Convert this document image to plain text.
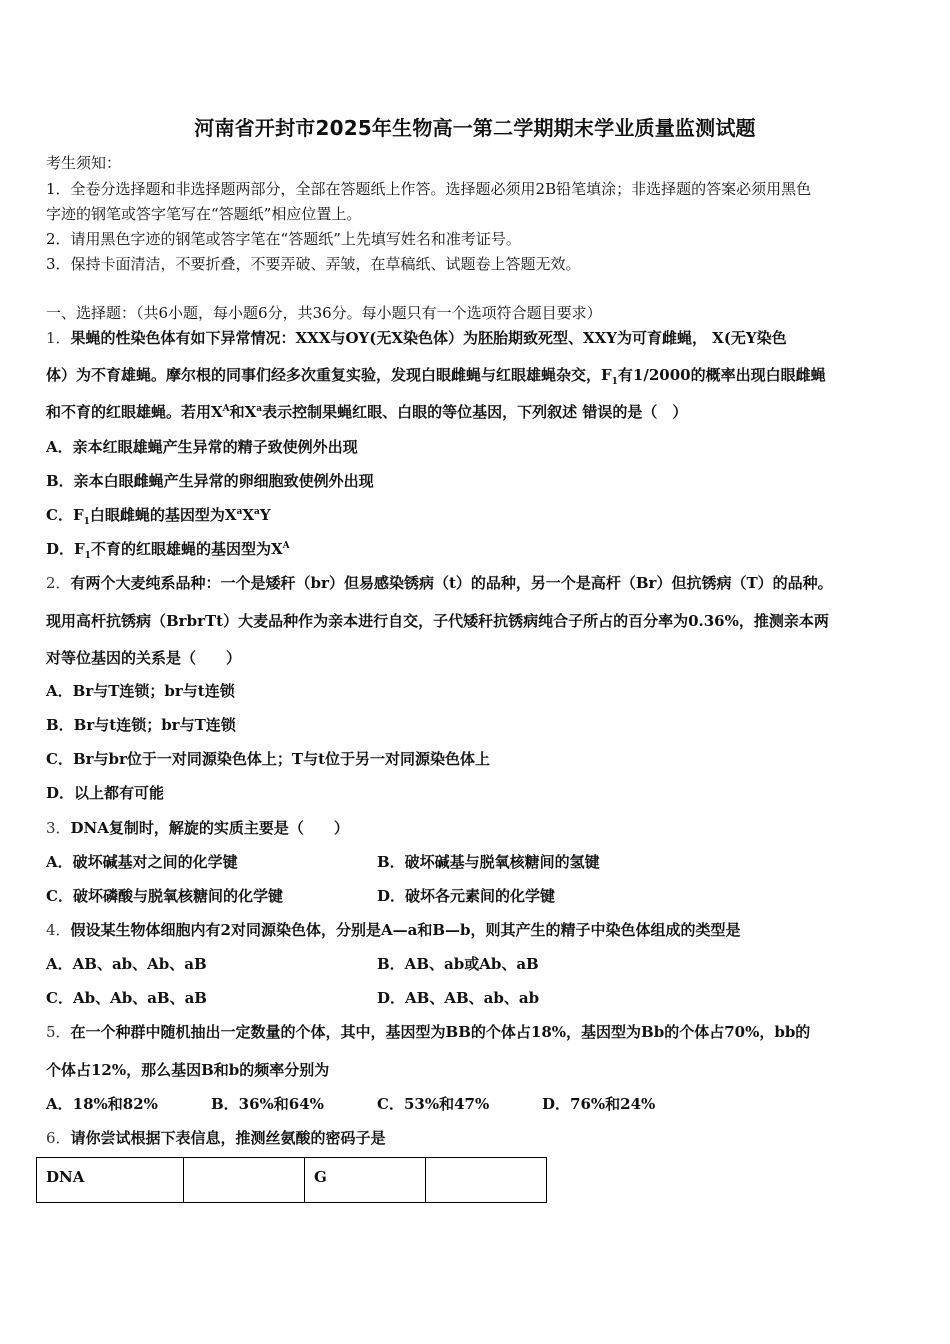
河南省开封市2025年生物高一第二学期期末学业质量监测试题
考生须知：
1．全卷分选择题和非选择题两部分，全部在答题纸上作答。选择题必须用2B铅笔填涂；非选择题的答案必须用黑色
字迹的钢笔或答字笔写在“答题纸”相应位置上。
2．请用黑色字迹的钢笔或答字笔在“答题纸”上先填写姓名和准考证号。
3．保持卡面清洁，不要折叠，不要弄破、弄皱，在草稿纸、试题卷上答题无效。
一、选择题：（共6小题，每小题6分，共36分。每小题只有一个选项符合题目要求）
1．果蝇的性染色体有如下异常情况：XXX与OY(无X染色体）为胚胎期致死型、XXY为可育雌蝇， X(无Y染色
体）为不育雄蝇。摩尔根的同事们经多次重复实验，发现白眼雌蝇与红眼雄蝇杂交，$F_1$有1/2000的概率出现白眼雌蝇
和不育的红眼雄蝇。若用$X^A$和$X^a$表示控制果蝇红眼、白眼的等位基因，下列叙述 错误的是（　）
A．亲本红眼雄蝇产生异常的精子致使例外出现
B．亲本白眼雌蝇产生异常的卵细胞致使例外出现
C．$F_1$白眼雌蝇的基因型为$X^aX^aY$
D．$F_1$不育的红眼雄蝇的基因型为$X^A$
2．有两个大麦纯系品种：一个是矮秆（br）但易感染锈病（t）的品种，另一个是高杆（Br）但抗锈病（T）的品种。
现用高杆抗锈病（BrbrTt）大麦品种作为亲本进行自交，子代矮秆抗锈病纯合子所占的百分率为0.36%，推测亲本两
对等位基因的关系是（　　）
A．Br与T连锁；br与t连锁
B．Br与t连锁；br与T连锁
C．Br与br位于一对同源染色体上；T与t位于另一对同源染色体上
D．以上都有可能
3．DNA复制时，解旋的实质主要是（　　）
A．破坏碱基对之间的化学键	B．破坏碱基与脱氧核糖间的氢键
C．破坏磷酸与脱氧核糖间的化学键	D．破坏各元素间的化学键
4．假设某生物体细胞内有2对同源染色体，分别是A—a和B—b，则其产生的精子中染色体组成的类型是
A．AB、ab、Ab、aB	B．AB、ab或Ab、aB
C．Ab、Ab、aB、aB	D．AB、AB、ab、ab
5．在一个种群中随机抽出一定数量的个体，其中，基因型为BB的个体占18%，基因型为Bb的个体占70%，bb的
个体占12%，那么基因B和b的频率分别为
A．18%和82%	B．36%和64%	C．53%和47%	D．76%和24%
6．请你尝试根据下表信息，推测丝氨酸的密码子是
DNA		G	
